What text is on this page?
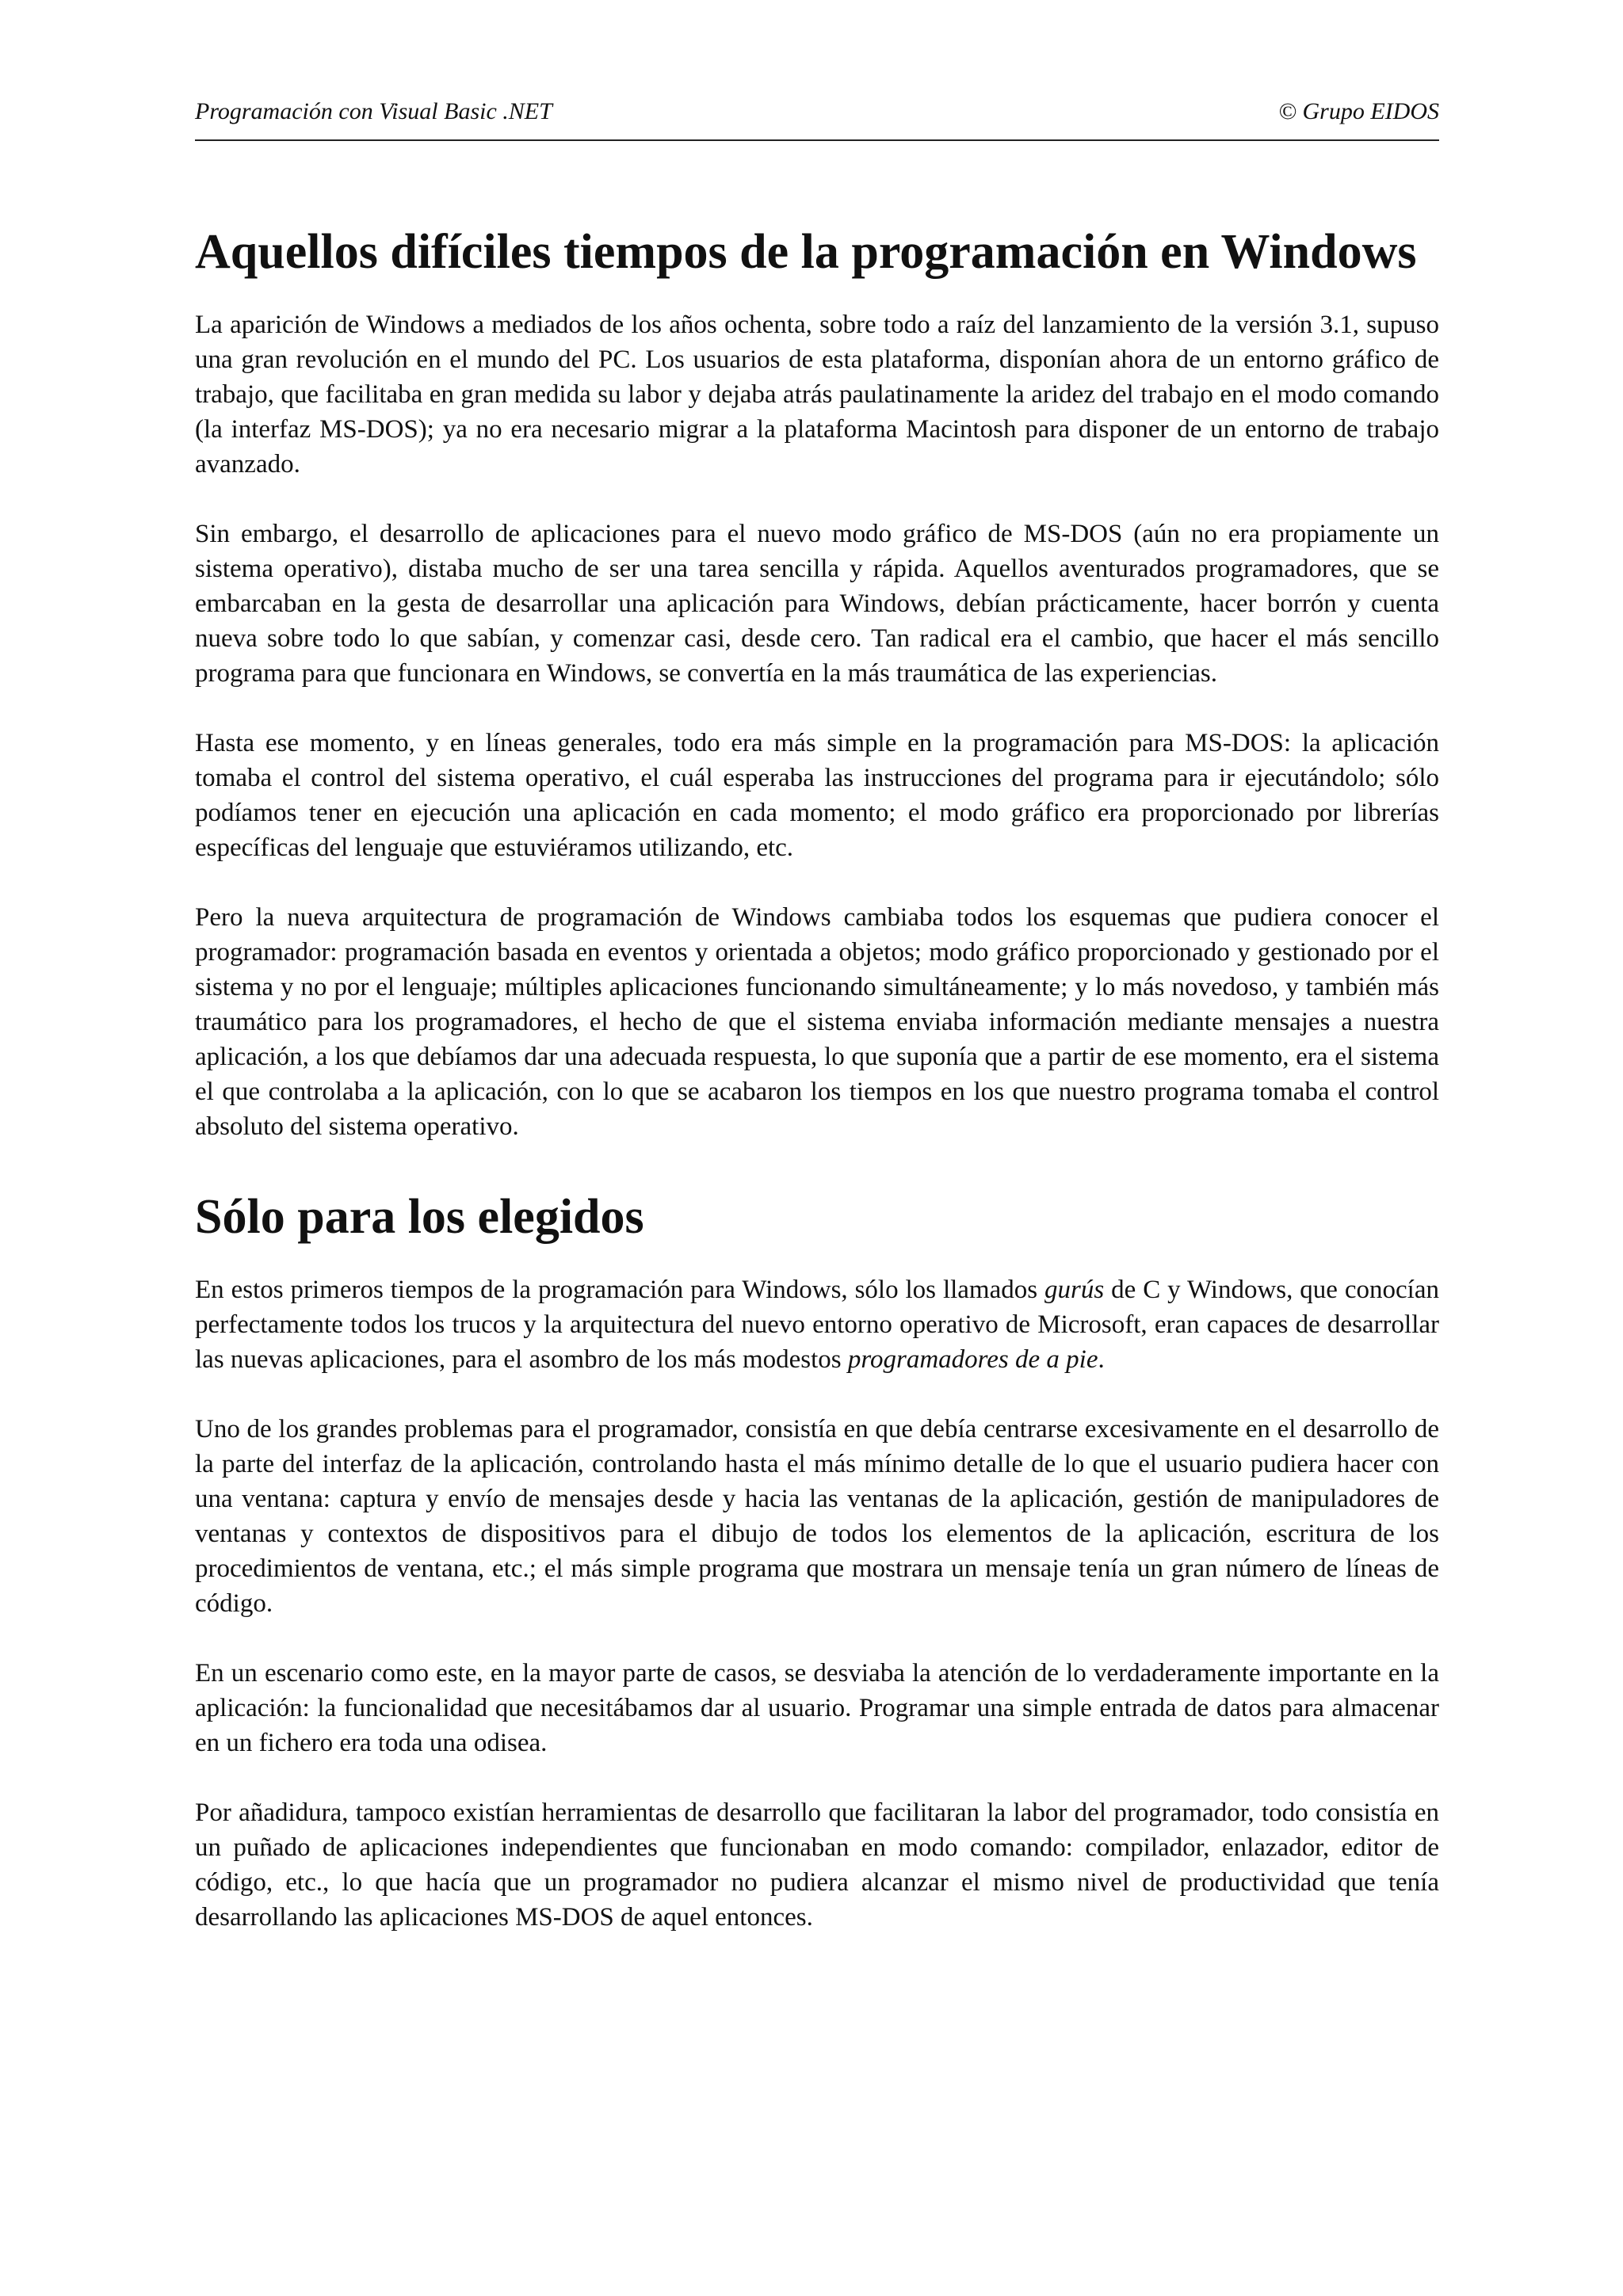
Programación con Visual Basic .NET	© Grupo EIDOS
Aquellos difíciles tiempos de la programación en Windows

La aparición de Windows a mediados de los años ochenta, sobre todo a raíz del lanzamiento de la versión 3.1, supuso una gran revolución en el mundo del PC. Los usuarios de esta plataforma, disponían ahora de un entorno gráfico de trabajo, que facilitaba en gran medida su labor y dejaba atrás paulatinamente la aridez del trabajo en el modo comando (la interfaz MS-DOS); ya no era necesario migrar a la plataforma Macintosh para disponer de un entorno de trabajo avanzado.

Sin embargo, el desarrollo de aplicaciones para el nuevo modo gráfico de MS-DOS (aún no era propiamente un sistema operativo), distaba mucho de ser una tarea sencilla y rápida. Aquellos aventurados programadores, que se embarcaban en la gesta de desarrollar una aplicación para Windows, debían prácticamente, hacer borrón y cuenta nueva sobre todo lo que sabían, y comenzar casi, desde cero. Tan radical era el cambio, que hacer el más sencillo programa para que funcionara en Windows, se convertía en la más traumática de las experiencias.

Hasta ese momento, y en líneas generales, todo era más simple en la programación para MS-DOS: la aplicación tomaba el control del sistema operativo, el cuál esperaba las instrucciones del programa para ir ejecutándolo; sólo podíamos tener en ejecución una aplicación en cada momento; el modo gráfico era proporcionado por librerías específicas del lenguaje que estuviéramos utilizando, etc.

Pero la nueva arquitectura de programación de Windows cambiaba todos los esquemas que pudiera conocer el programador: programación basada en eventos y orientada a objetos; modo gráfico proporcionado y gestionado por el sistema y no por el lenguaje; múltiples aplicaciones funcionando simultáneamente; y lo más novedoso, y también más traumático para los programadores, el hecho de que el sistema enviaba información mediante mensajes a nuestra aplicación, a los que debíamos dar una adecuada respuesta, lo que suponía que a partir de ese momento, era el sistema el que controlaba a la aplicación, con lo que se acabaron los tiempos en los que nuestro programa tomaba el control absoluto del sistema operativo.

Sólo para los elegidos

En estos primeros tiempos de la programación para Windows, sólo los llamados gurús de C y Windows, que conocían perfectamente todos los trucos y la arquitectura del nuevo entorno operativo de Microsoft, eran capaces de desarrollar las nuevas aplicaciones, para el asombro de los más modestos programadores de a pie.

Uno de los grandes problemas para el programador, consistía en que debía centrarse excesivamente en el desarrollo de la parte del interfaz de la aplicación, controlando hasta el más mínimo detalle de lo que el usuario pudiera hacer con una ventana: captura y envío de mensajes desde y hacia las ventanas de la aplicación, gestión de manipuladores de ventanas y contextos de dispositivos para el dibujo de todos los elementos de la aplicación, escritura de los procedimientos de ventana, etc.; el más simple programa que mostrara un mensaje tenía un gran número de líneas de código.

En un escenario como este, en la mayor parte de casos, se desviaba la atención de lo verdaderamente importante en la aplicación: la funcionalidad que necesitábamos dar al usuario. Programar una simple entrada de datos para almacenar en un fichero era toda una odisea.

Por añadidura, tampoco existían herramientas de desarrollo que facilitaran la labor del programador, todo consistía en un puñado de aplicaciones independientes que funcionaban en modo comando: compilador, enlazador, editor de código, etc., lo que hacía que un programador no pudiera alcanzar el mismo nivel de productividad que tenía desarrollando las aplicaciones MS-DOS de aquel entonces.
